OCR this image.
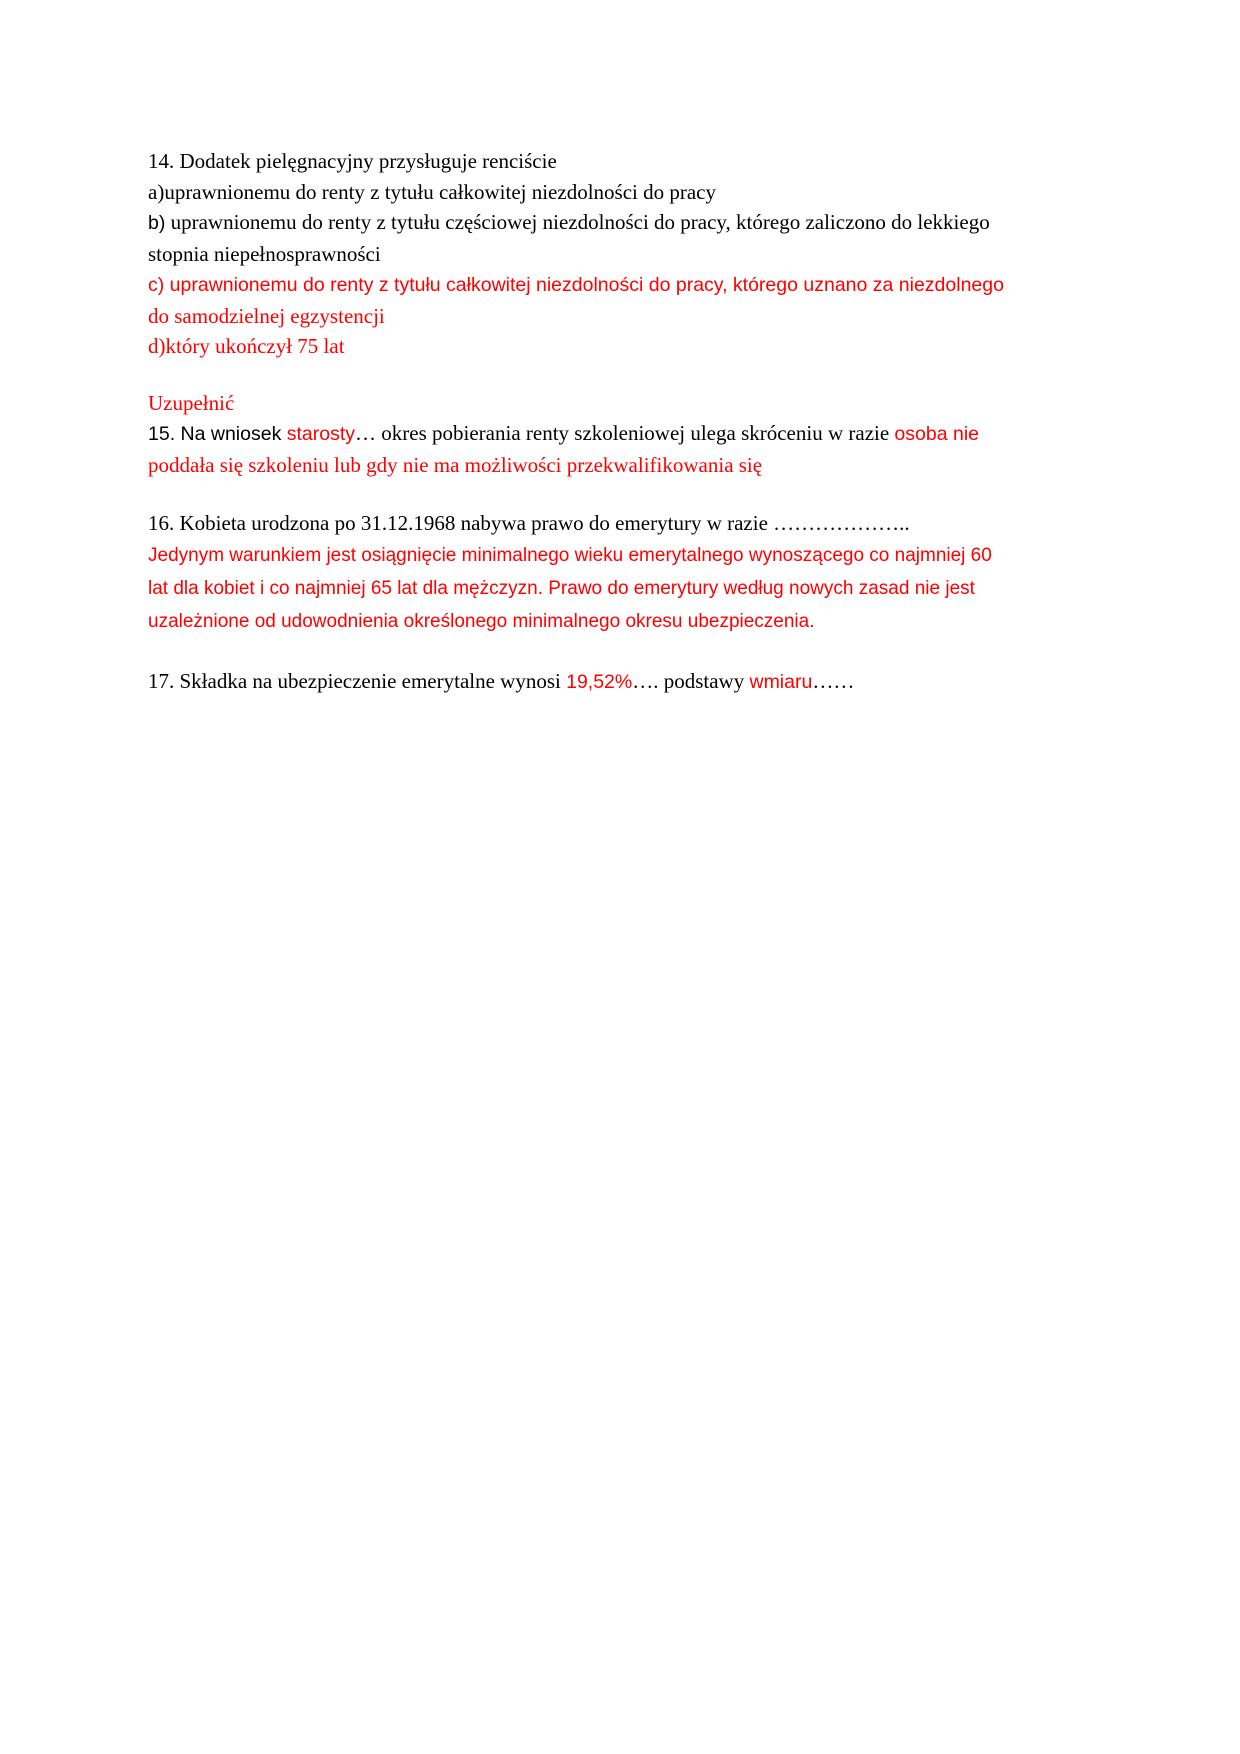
14. Dodatek pielęgnacyjny przysługuje renciście
a)uprawnionemu do renty z tytułu całkowitej niezdolności do pracy
b) uprawnionemu do renty z tytułu częściowej niezdolności do pracy, którego zaliczono do lekkiego
stopnia niepełnosprawności
c) uprawnionemu do renty z tytułu całkowitej niezdolności do pracy, którego uznano za niezdolnego
do samodzielnej egzystencji
d)który ukończył 75 lat
Uzupełnić
15. Na wniosek starosty… okres pobierania renty szkoleniowej ulega skróceniu w razie osoba nie
poddała się szkoleniu lub gdy nie ma możliwości przekwalifikowania się
16. Kobieta urodzona po 31.12.1968 nabywa prawo do emerytury w razie ………………..
Jedynym warunkiem jest osiągnięcie minimalnego wieku emerytalnego wynoszącego co najmniej 60
lat dla kobiet i co najmniej 65 lat dla mężczyzn. Prawo do emerytury według nowych zasad nie jest
uzależnione od udowodnienia określonego minimalnego okresu ubezpieczenia.
17. Składka na ubezpieczenie emerytalne wynosi 19,52%…. podstawy wmiaru……
